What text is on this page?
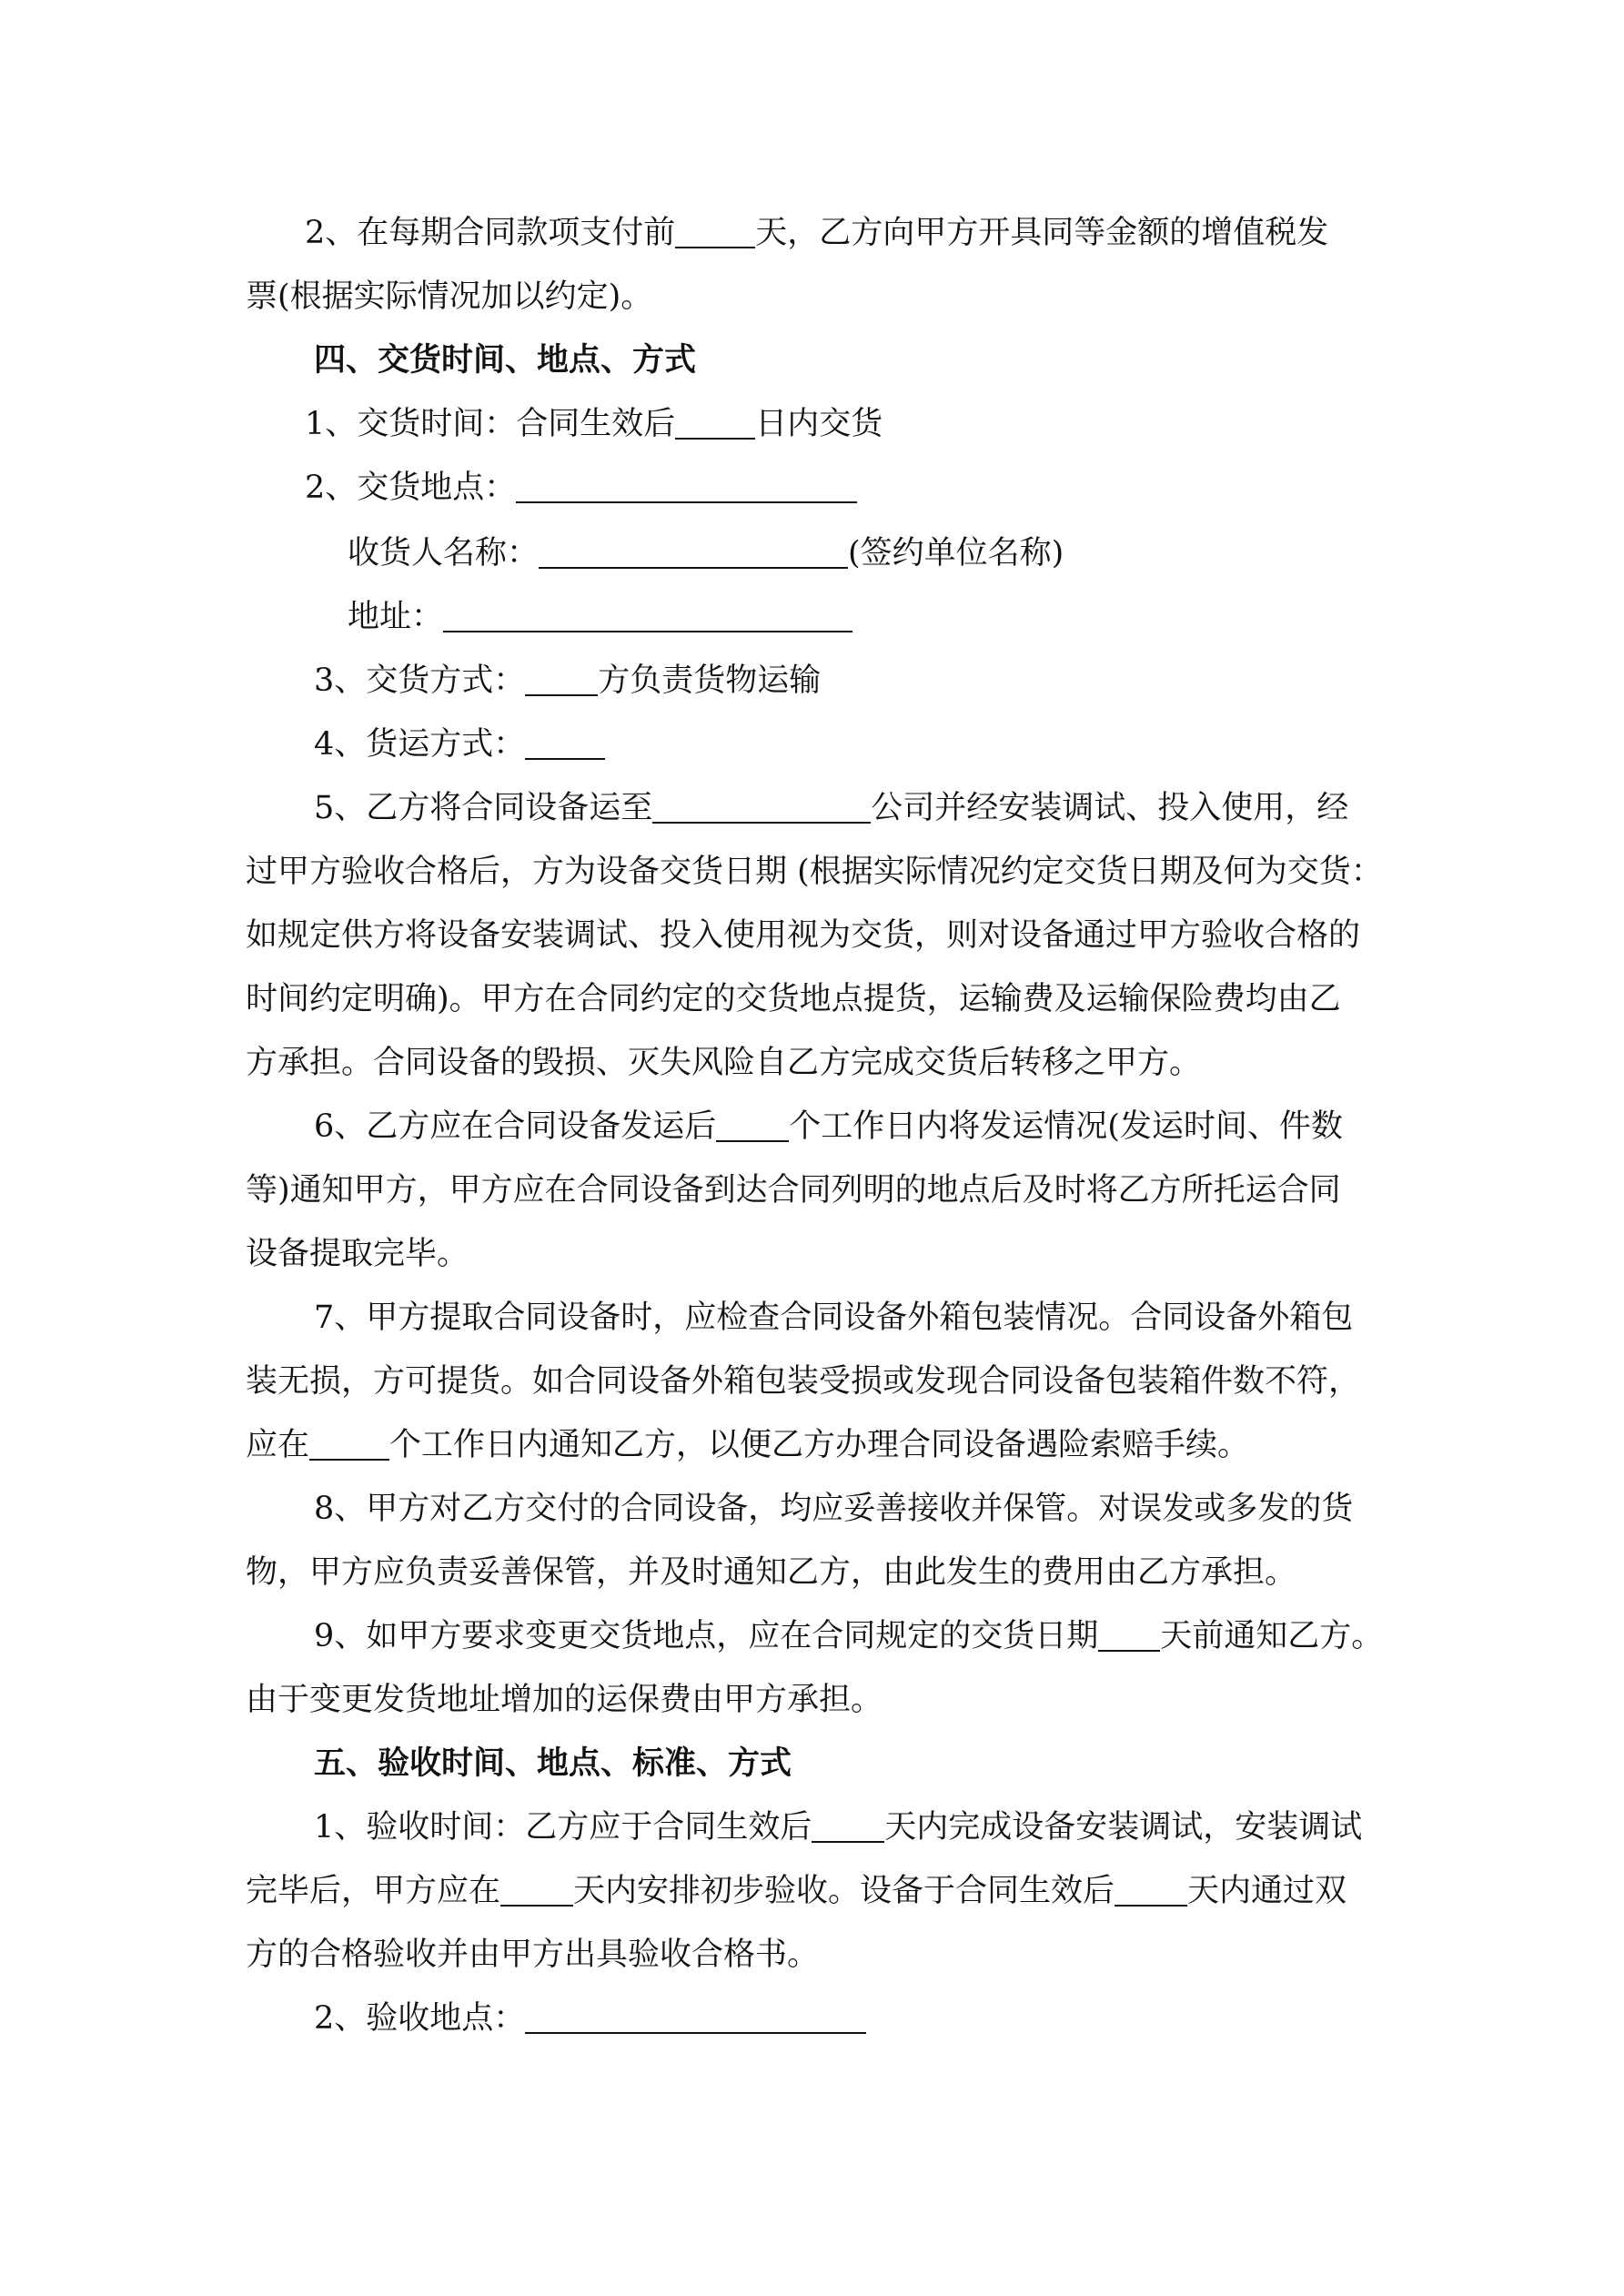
2、在每期合同款项支付前	天，乙方向甲方开具同等金额的增值税发
票(根据实际情况加以约定)。
四、交货时间、地点、方式
1、交货时间：合同生效后	日内交货
2、交货地点：
收货人名称：	(签约单位名称)
地址：
3、交货方式： 方负责货物运输
4、货运方式：
5、乙方将合同设备运至	公司并经安装调试、投入使用，经
过甲方验收合格后，方为设备交货日期 (根据实际情况约定交货日期及何为交货：
如规定供方将设备安装调试、投入使用视为交货，则对设备通过甲方验收合格的
时间约定明确)。甲方在合同约定的交货地点提货，运输费及运输保险费均由乙
方承担。合同设备的毁损、灭失风险自乙方完成交货后转移之甲方。
6、乙方应在合同设备发运后 个工作日内将发运情况(发运时间、件数
等)通知甲方，甲方应在合同设备到达合同列明的地点后及时将乙方所托运合同
设备提取完毕。
7、甲方提取合同设备时，应检查合同设备外箱包装情况。合同设备外箱包
装无损，方可提货。如合同设备外箱包装受损或发现合同设备包装箱件数不符，
应在	个工作日内通知乙方，以便乙方办理合同设备遇险索赔手续。
8、甲方对乙方交付的合同设备，均应妥善接收并保管。对误发或多发的货
物，甲方应负责妥善保管，并及时通知乙方，由此发生的费用由乙方承担。
9、如甲方要求变更交货地点，应在合同规定的交货日期 天前通知乙方。
由于变更发货地址增加的运保费由甲方承担。
五、验收时间、地点、标准、方式
1、验收时间：乙方应于合同生效后 天内完成设备安装调试，安装调试
完毕后，甲方应在 天内安排初步验收。设备于合同生效后 天内通过双
方的合格验收并由甲方出具验收合格书。
2、验收地点：
